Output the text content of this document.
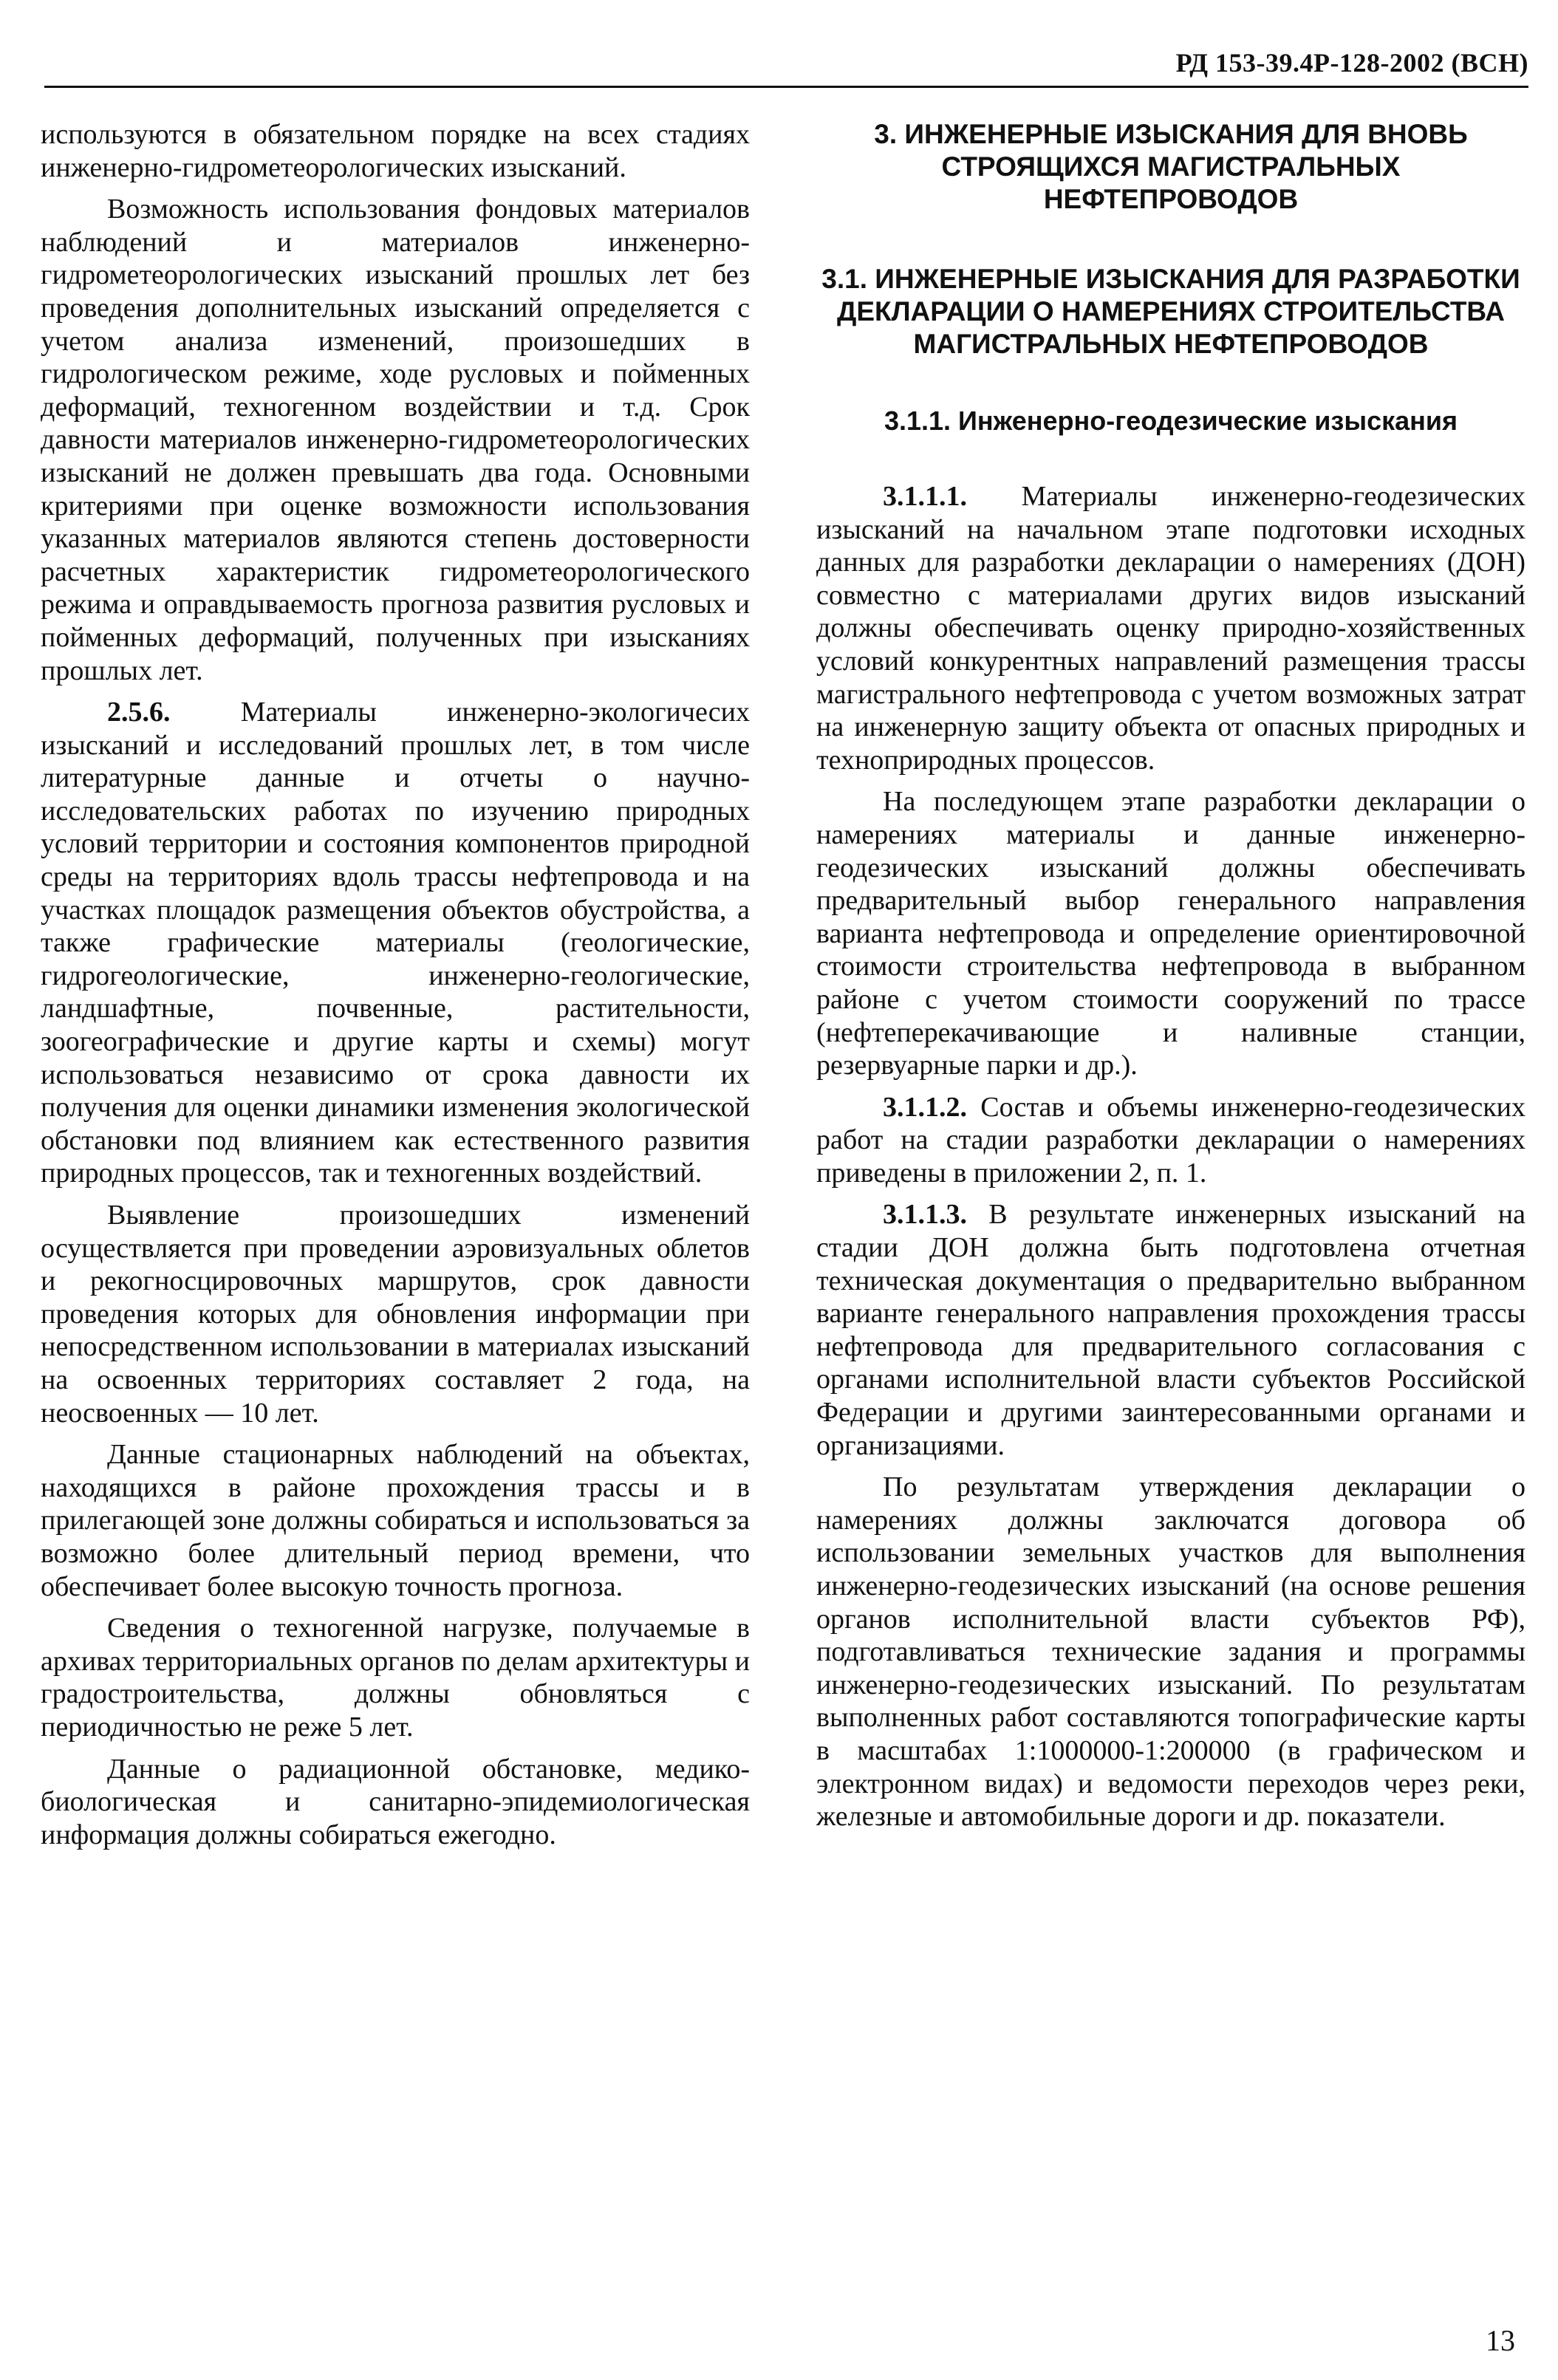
РД 153-39.4Р-128-2002 (ВСН)

используются в обязательном порядке на всех стадиях инженерно-гидрометеорологических изысканий.

Возможность использования фондовых материалов наблюдений и материалов инженерно-гидрометеорологических изысканий прошлых лет без проведения дополнительных изысканий определяется с учетом анализа изменений, произошедших в гидрологическом режиме, ходе русловых и пойменных деформаций, техногенном воздействии и т.д. Срок давности материалов инженерно-гидрометеорологических изысканий не должен превышать два года. Основными критериями при оценке возможности использования указанных материалов являются степень достоверности расчетных характеристик гидрометеорологического режима и оправдываемость прогноза развития русловых и пойменных деформаций, полученных при изысканиях прошлых лет.

2.5.6. Материалы инженерно-экологичесих изысканий и исследований прошлых лет, в том числе литературные данные и отчеты о научно-исследовательских работах по изучению природных условий территории и состояния компонентов природной среды на территориях вдоль трассы нефтепровода и на участках площадок размещения объектов обустройства, а также графические материалы (геологические, гидрогеологические, инженерно-геологические, ландшафтные, почвенные, растительности, зоогеографические и другие карты и схемы) могут использоваться независимо от срока давности их получения для оценки динамики изменения экологической обстановки под влиянием как естественного развития природных процессов, так и техногенных воздействий.

Выявление произошедших изменений осуществляется при проведении аэровизуальных облетов и рекогносцировочных маршрутов, срок давности проведения которых для обновления информации при непосредственном использовании в материалах изысканий на освоенных территориях составляет 2 года, на неосвоенных — 10 лет.

Данные стационарных наблюдений на объектах, находящихся в районе прохождения трассы и в прилегающей зоне должны собираться и использоваться за возможно более длительный период времени, что обеспечивает более высокую точность прогноза.

Сведения о техногенной нагрузке, получаемые в архивах территориальных органов по делам архитектуры и градостроительства, должны обновляться с периодичностью не реже 5 лет.

Данные о радиационной обстановке, медико-биологическая и санитарно-эпидемиологическая информация должны собираться ежегодно.

3. ИНЖЕНЕРНЫЕ ИЗЫСКАНИЯ ДЛЯ ВНОВЬ СТРОЯЩИХСЯ МАГИСТРАЛЬНЫХ НЕФТЕПРОВОДОВ
3.1. ИНЖЕНЕРНЫЕ ИЗЫСКАНИЯ ДЛЯ РАЗРАБОТКИ ДЕКЛАРАЦИИ О НАМЕРЕНИЯХ СТРОИТЕЛЬСТВА МАГИСТРАЛЬНЫХ НЕФТЕПРОВОДОВ
3.1.1. Инженерно-геодезические изыскания

3.1.1.1. Материалы инженерно-геодезических изысканий на начальном этапе подготовки исходных данных для разработки декларации о намерениях (ДОН) совместно с материалами других видов изысканий должны обеспечивать оценку природно-хозяйственных условий конкурентных направлений размещения трассы магистрального нефтепровода с учетом возможных затрат на инженерную защиту объекта от опасных природных и техноприродных процессов.

На последующем этапе разработки декларации о намерениях материалы и данные инженерно-геодезических изысканий должны обеспечивать предварительный выбор генерального направления варианта нефтепровода и определение ориентировочной стоимости строительства нефтепровода в выбранном районе с учетом стоимости сооружений по трассе (нефтеперекачивающие и наливные станции, резервуарные парки и др.).

3.1.1.2. Состав и объемы инженерно-геодезических работ на стадии разработки декларации о намерениях приведены в приложении 2, п. 1.

3.1.1.3. В результате инженерных изысканий на стадии ДОН должна быть подготовлена отчетная техническая документация о предварительно выбранном варианте генерального направления прохождения трассы нефтепровода для предварительного согласования с органами исполнительной власти субъектов Российской Федерации и другими заинтересованными органами и организациями.

По результатам утверждения декларации о намерениях должны заключатся договора об использовании земельных участков для выполнения инженерно-геодезических изысканий (на основе решения органов исполнительной власти субъектов РФ), подготавливаться технические задания и программы инженерно-геодезических изысканий. По результатам выполненных работ составляются топографические карты в масштабах 1:1000000-1:200000 (в графическом и электронном видах) и ведомости переходов через реки, железные и автомобильные дороги и др. показатели.

13
